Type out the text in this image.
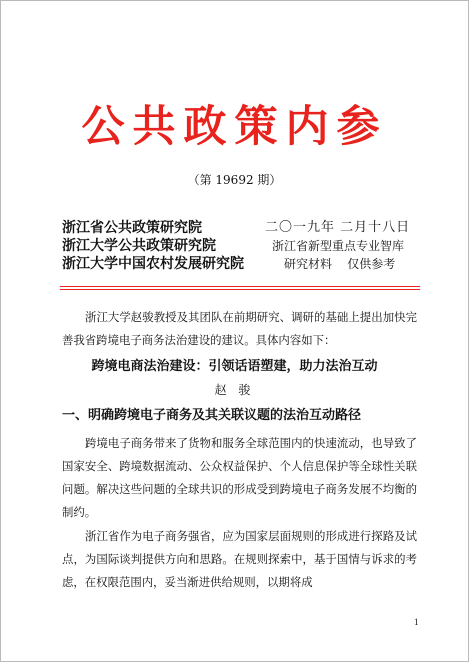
公共政策内参
（第 19692 期）
浙江省公共政策研究院
浙江大学公共政策研究院
浙江大学中国农村发展研究院
二〇一九年 二月十八日
浙江省新型重点专业智库
研究材料    仅供参考

浙江大学赵骏教授及其团队在前期研究、调研的基础上提出加快完善我省跨境电子商务法治建设的建议。具体内容如下：

跨境电商法治建设：引领话语塑建，助力法治互动
赵 骏
一、明确跨境电子商务及其关联议题的法治互动路径

跨境电子商务带来了货物和服务全球范围内的快速流动，也导致了国家安全、跨境数据流动、公众权益保护、个人信息保护等全球性关联问题。解决这些问题的全球共识的形成受到跨境电子商务发展不均衡的制约。

浙江省作为电子商务强省，应为国家层面规则的形成进行探路及试点，为国际谈判提供方向和思路。在规则探索中，基于国情与诉求的考虑，在权限范围内，妥当渐进供给规则，以期将成

1
